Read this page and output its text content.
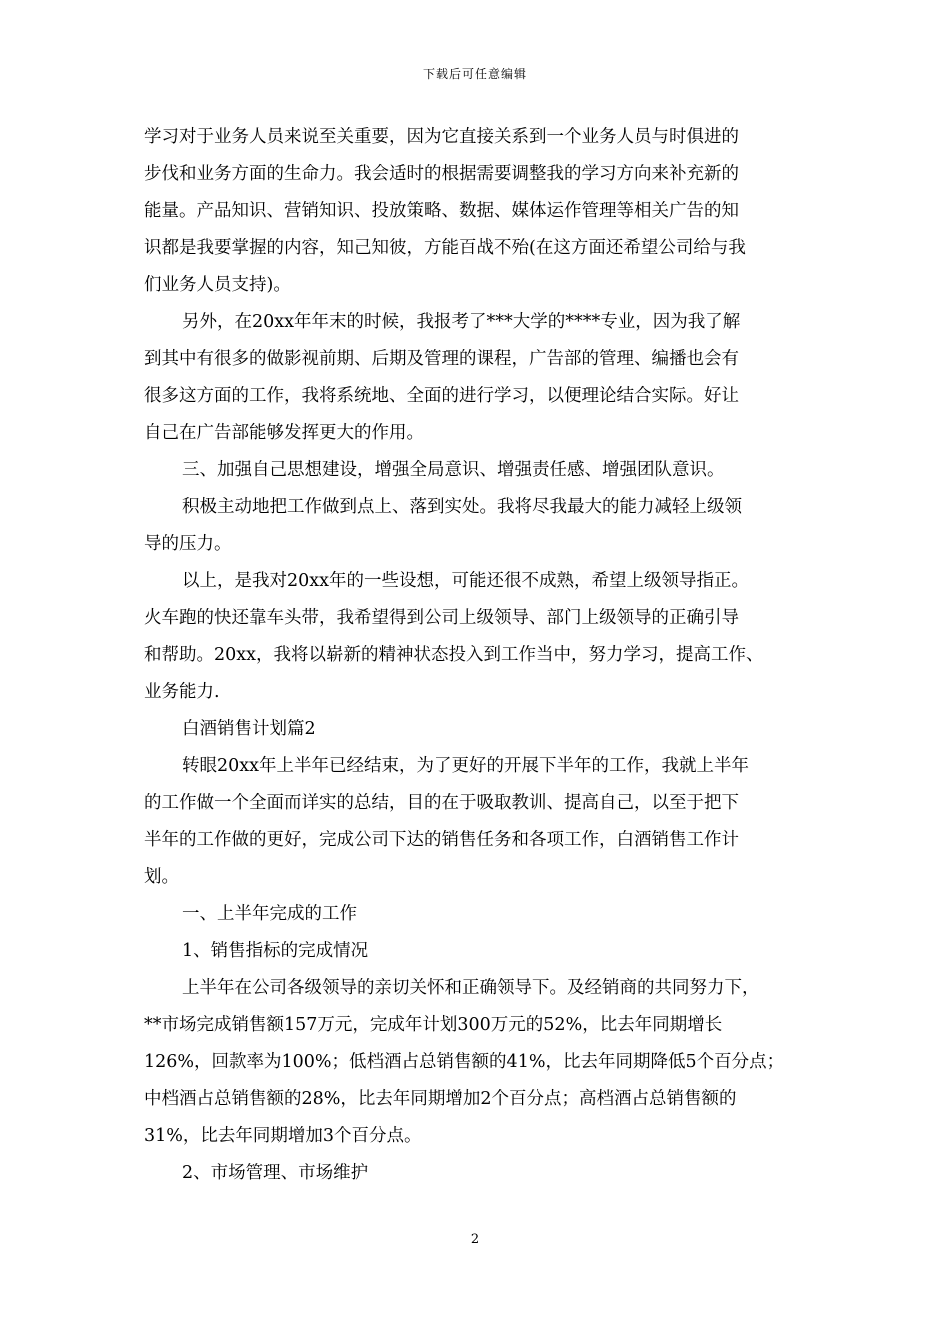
下载后可任意编辑
学习对于业务人员来说至关重要，因为它直接关系到一个业务人员与时俱进的
步伐和业务方面的生命力。我会适时的根据需要调整我的学习方向来补充新的
能量。产品知识、营销知识、投放策略、数据、媒体运作管理等相关广告的知
识都是我要掌握的内容，知己知彼，方能百战不殆(在这方面还希望公司给与我
们业务人员支持)。
另外，在20xx年年末的时候，我报考了***大学的****专业，因为我了解
到其中有很多的做影视前期、后期及管理的课程，广告部的管理、编播也会有
很多这方面的工作，我将系统地、全面的进行学习，以便理论结合实际。好让
自己在广告部能够发挥更大的作用。
三、加强自己思想建设，增强全局意识、增强责任感、增强团队意识。
积极主动地把工作做到点上、落到实处。我将尽我最大的能力减轻上级领
导的压力。
以上，是我对20xx年的一些设想，可能还很不成熟，希望上级领导指正。
火车跑的快还靠车头带，我希望得到公司上级领导、部门上级领导的正确引导
和帮助。20xx，我将以崭新的精神状态投入到工作当中，努力学习，提高工作、
业务能力.
白酒销售计划篇2
转眼20xx年上半年已经结束，为了更好的开展下半年的工作，我就上半年
的工作做一个全面而详实的总结，目的在于吸取教训、提高自己，以至于把下
半年的工作做的更好，完成公司下达的销售任务和各项工作，白酒销售工作计
划。
一、上半年完成的工作
1、销售指标的完成情况
上半年在公司各级领导的亲切关怀和正确领导下。及经销商的共同努力下，
**市场完成销售额157万元，完成年计划300万元的52%，比去年同期增长
126%，回款率为100%；低档酒占总销售额的41%，比去年同期降低5个百分点；
中档酒占总销售额的28%，比去年同期增加2个百分点；高档酒占总销售额的
31%，比去年同期增加3个百分点。
2、市场管理、市场维护
2
